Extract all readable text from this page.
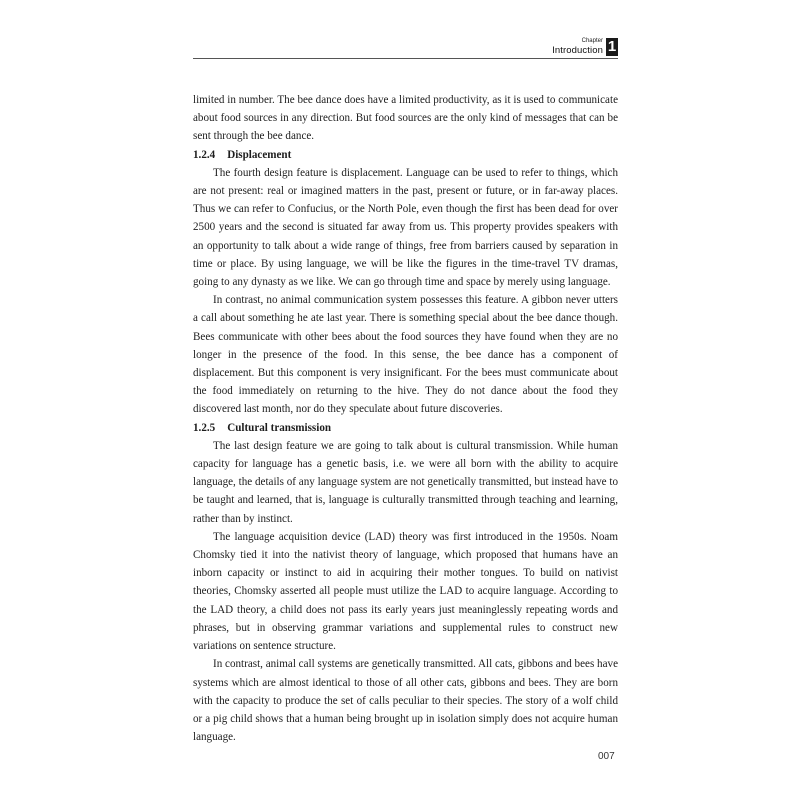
Chapter
Introduction 1

limited in number. The bee dance does have a limited productivity, as it is used to communicate about food sources in any direction. But food sources are the only kind of messages that can be sent through the bee dance.

1.2.4 Displacement

The fourth design feature is displacement. Language can be used to refer to things, which are not present: real or imagined matters in the past, present or future, or in far-away places. Thus we can refer to Confucius, or the North Pole, even though the first has been dead for over 2500 years and the second is situated far away from us. This property provides speakers with an opportunity to talk about a wide range of things, free from barriers caused by separation in time or place. By using language, we will be like the figures in the time-travel TV dramas, going to any dynasty as we like. We can go through time and space by merely using language.

In contrast, no animal communication system possesses this feature. A gibbon never utters a call about something he ate last year. There is something special about the bee dance though. Bees communicate with other bees about the food sources they have found when they are no longer in the presence of the food. In this sense, the bee dance has a component of displacement. But this component is very insignificant. For the bees must communicate about the food immediately on returning to the hive. They do not dance about the food they discovered last month, nor do they speculate about future discoveries.

1.2.5 Cultural transmission

The last design feature we are going to talk about is cultural transmission. While human capacity for language has a genetic basis, i.e. we were all born with the ability to acquire language, the details of any language system are not genetically transmitted, but instead have to be taught and learned, that is, language is culturally transmitted through teaching and learning, rather than by instinct.

The language acquisition device (LAD) theory was first introduced in the 1950s. Noam Chomsky tied it into the nativist theory of language, which proposed that humans have an inborn capacity or instinct to aid in acquiring their mother tongues. To build on nativist theories, Chomsky asserted all people must utilize the LAD to acquire language. According to the LAD theory, a child does not pass its early years just meaninglessly repeating words and phrases, but in observing grammar variations and supplemental rules to construct new variations on sentence structure.

In contrast, animal call systems are genetically transmitted. All cats, gibbons and bees have systems which are almost identical to those of all other cats, gibbons and bees. They are born with the capacity to produce the set of calls peculiar to their species. The story of a wolf child or a pig child shows that a human being brought up in isolation simply does not acquire human language.

007
